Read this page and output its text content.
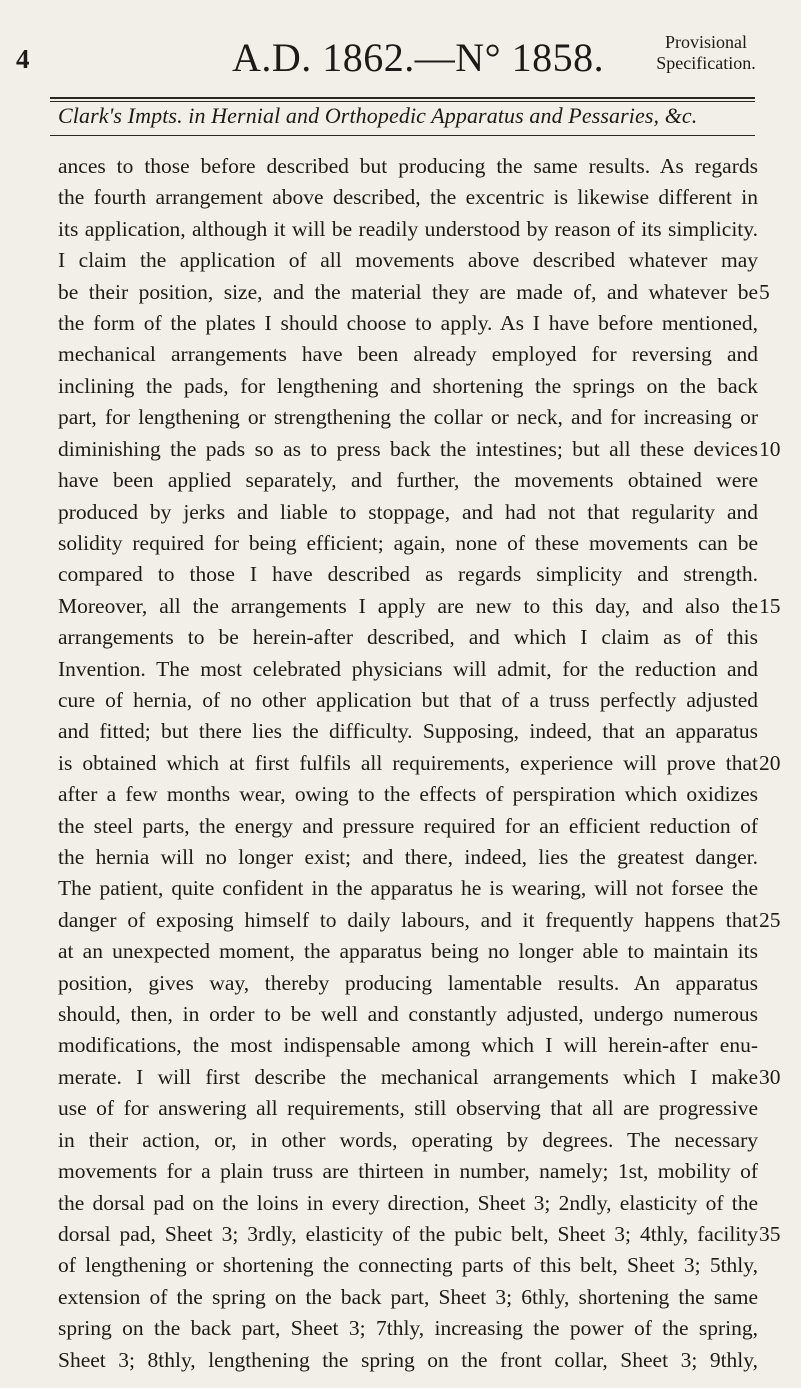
4	A.D. 1862.—N° 1858.	Provisional
Specification.
Clark's Impts. in Hernial and Orthopedic Apparatus and Pessaries, &c.
ances to those before described but producing the same results. As regards
the fourth arrangement above described, the excentric is likewise different in
its application, although it will be readily understood by reason of its simplicity.
I claim the application of all movements above described whatever may
be their position, size, and the material they are made of, and whatever be
the form of the plates I should choose to apply. As I have before mentioned,
mechanical arrangements have been already employed for reversing and
inclining the pads, for lengthening and shortening the springs on the back
part, for lengthening or strengthening the collar or neck, and for increasing or
diminishing the pads so as to press back the intestines; but all these devices
have been applied separately, and further, the movements obtained were
produced by jerks and liable to stoppage, and had not that regularity and
solidity required for being efficient; again, none of these movements can be
compared to those I have described as regards simplicity and strength.
Moreover, all the arrangements I apply are new to this day, and also the
arrangements to be herein-after described, and which I claim as of this
Invention. The most celebrated physicians will admit, for the reduction and
cure of hernia, of no other application but that of a truss perfectly adjusted
and fitted; but there lies the difficulty. Supposing, indeed, that an apparatus
is obtained which at first fulfils all requirements, experience will prove that
after a few months wear, owing to the effects of perspiration which oxidizes
the steel parts, the energy and pressure required for an efficient reduction of
the hernia will no longer exist; and there, indeed, lies the greatest danger.
The patient, quite confident in the apparatus he is wearing, will not forsee the
danger of exposing himself to daily labours, and it frequently happens that
at an unexpected moment, the apparatus being no longer able to maintain its
position, gives way, thereby producing lamentable results. An apparatus
should, then, in order to be well and constantly adjusted, undergo numerous
modifications, the most indispensable among which I will herein-after enu-
merate. I will first describe the mechanical arrangements which I make
use of for answering all requirements, still observing that all are progressive
in their action, or, in other words, operating by degrees. The necessary
movements for a plain truss are thirteen in number, namely; 1st, mobility of
the dorsal pad on the loins in every direction, Sheet 3; 2ndly, elasticity of the
dorsal pad, Sheet 3; 3rdly, elasticity of the pubic belt, Sheet 3; 4thly, facility
of lengthening or shortening the connecting parts of this belt, Sheet 3; 5thly,
extension of the spring on the back part, Sheet 3; 6thly, shortening the same
spring on the back part, Sheet 3; 7thly, increasing the power of the spring,
Sheet 3; 8thly, lengthening the spring on the front collar, Sheet 3; 9thly,
5
10
15
20
25
30
35
